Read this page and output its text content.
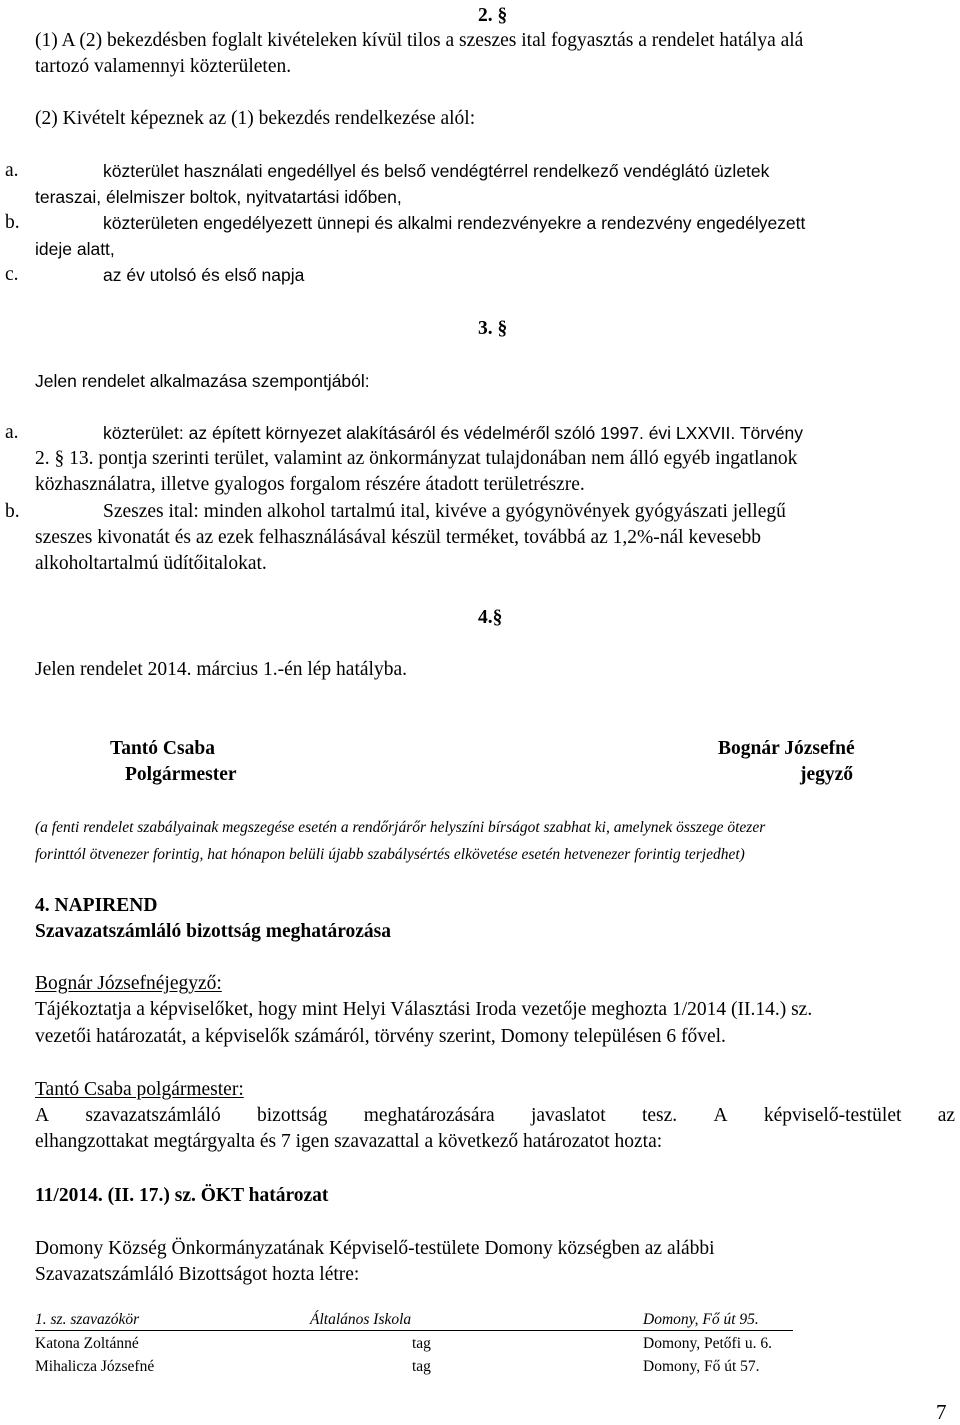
2. §
(1) A (2) bekezdésben foglalt kivételeken kívül tilos a szeszes ital fogyasztás a rendelet hatálya alá
tartozó valamennyi közterületen.
(2) Kivételt képeznek az (1) bekezdés rendelkezése alól:
a.	közterület használati engedéllyel és belső vendégtérrel rendelkező vendéglátó üzletek
teraszai, élelmiszer boltok, nyitvatartási időben,
b.	közterületen engedélyezett ünnepi és alkalmi rendezvényekre a rendezvény engedélyezett
ideje alatt,
c.	az év utolsó és első napja
3. §
Jelen rendelet alkalmazása szempontjából:
a.	közterület: az épített környezet alakításáról és védelméről szóló 1997. évi LXXVII. Törvény
2. § 13. pontja szerinti terület, valamint az önkormányzat tulajdonában nem álló egyéb ingatlanok
közhasználatra, illetve gyalogos forgalom részére átadott területrészre.
b.	Szeszes ital: minden alkohol tartalmú ital, kivéve a gyógynövények gyógyászati jellegű
szeszes kivonatát és az ezek felhasználásával készül terméket, továbbá az 1,2%-nál kevesebb
alkoholtartalmú üdítőitalokat.
4.§
Jelen rendelet 2014. március 1.-én lép hatályba.
Tantó Csaba
Polgármester
Bognár Józsefné
jegyző
(a fenti rendelet szabályainak megszegése esetén a rendőrjárőr helyszíni bírságot szabhat ki, amelynek összege ötezer
forinttól ötvenezer forintig, hat hónapon belüli újabb szabálysértés elkövetése esetén hetvenezer forintig terjedhet)
4. NAPIREND
Szavazatszámláló bizottság meghatározása
Bognár Józsefnéjegyző:
Tájékoztatja a képviselőket, hogy mint Helyi Választási Iroda vezetője meghozta 1/2014 (II.14.) sz.
vezetői határozatát, a képviselők számáról, törvény szerint, Domony településen 6 fővel.
Tantó Csaba polgármester:
A szavazatszámláló bizottság meghatározására javaslatot tesz. A képviselő-testület az
elhangzottakat megtárgyalta és 7 igen szavazattal a következő határozatot hozta:
11/2014. (II. 17.) sz. ÖKT határozat
Domony Község Önkormányzatának Képviselő-testülete Domony községben az alábbi
Szavazatszámláló Bizottságot hozta létre:
1. sz. szavazókör	Általános Iskola	Domony, Fő út 95.
Katona Zoltánné	tag	Domony, Petőfi u. 6.
Mihalicza Józsefné	tag	Domony, Fő út 57.
7
